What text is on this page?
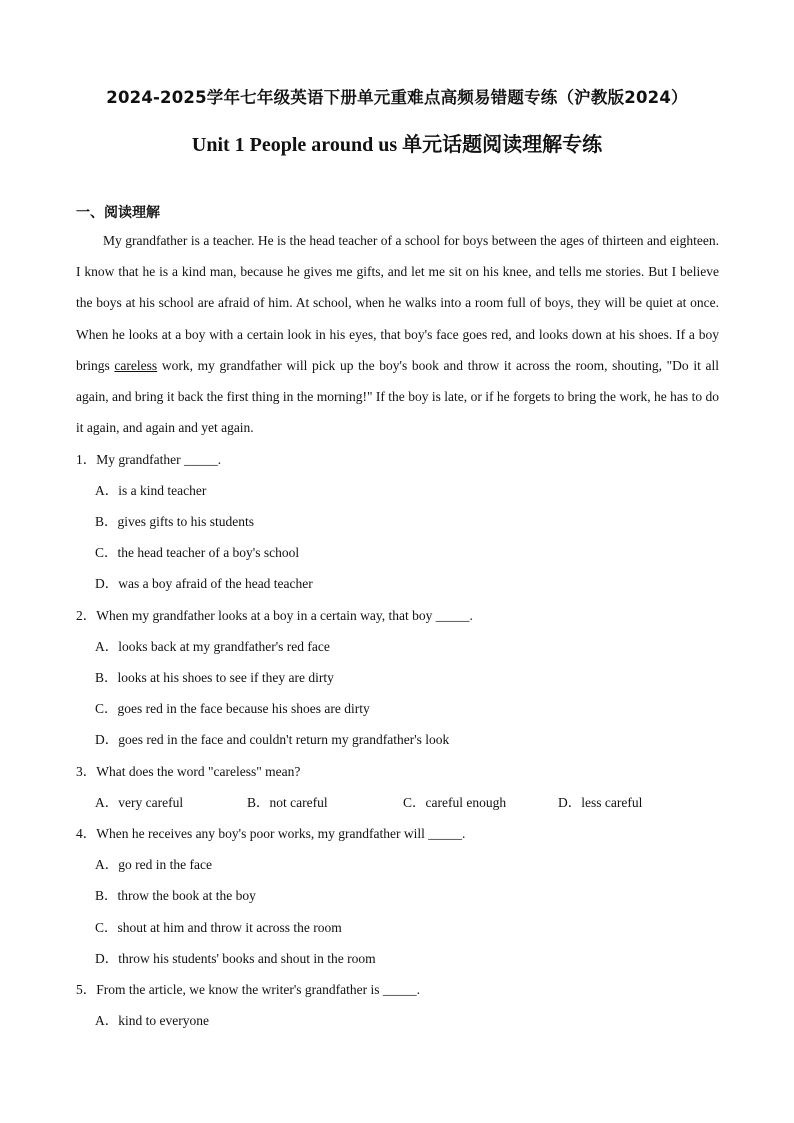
2024-2025学年七年级英语下册单元重难点高频易错题专练（沪教版2024）
Unit 1 People around us 单元话题阅读理解专练
一、阅读理解

My grandfather is a teacher. He is the head teacher of a school for boys between the ages of thirteen and eighteen. I know that he is a kind man, because he gives me gifts, and let me sit on his knee, and tells me stories. But I believe the boys at his school are afraid of him. At school, when he walks into a room full of boys, they will be quiet at once. When he looks at a boy with a certain look in his eyes, that boy's face goes red, and looks down at his shoes. If a boy brings careless work, my grandfather will pick up the boy's book and throw it across the room, shouting, "Do it all again, and bring it back the first thing in the morning!" If the boy is late, or if he forgets to bring the work, he has to do it again, and again and yet again.

1．My grandfather _____.
A．is a kind teacher
B．gives gifts to his students
C．the head teacher of a boy's school
D．was a boy afraid of the head teacher
2．When my grandfather looks at a boy in a certain way, that boy _____.
A．looks back at my grandfather's red face
B．looks at his shoes to see if they are dirty
C．goes red in the face because his shoes are dirty
D．goes red in the face and couldn't return my grandfather's look
3．What does the word "careless" mean?
A．very careful	B．not careful	C．careful enough	D．less careful
4．When he receives any boy's poor works, my grandfather will _____.
A．go red in the face
B．throw the book at the boy
C．shout at him and throw it across the room
D．throw his students' books and shout in the room
5．From the article, we know the writer's grandfather is _____.
A．kind to everyone
